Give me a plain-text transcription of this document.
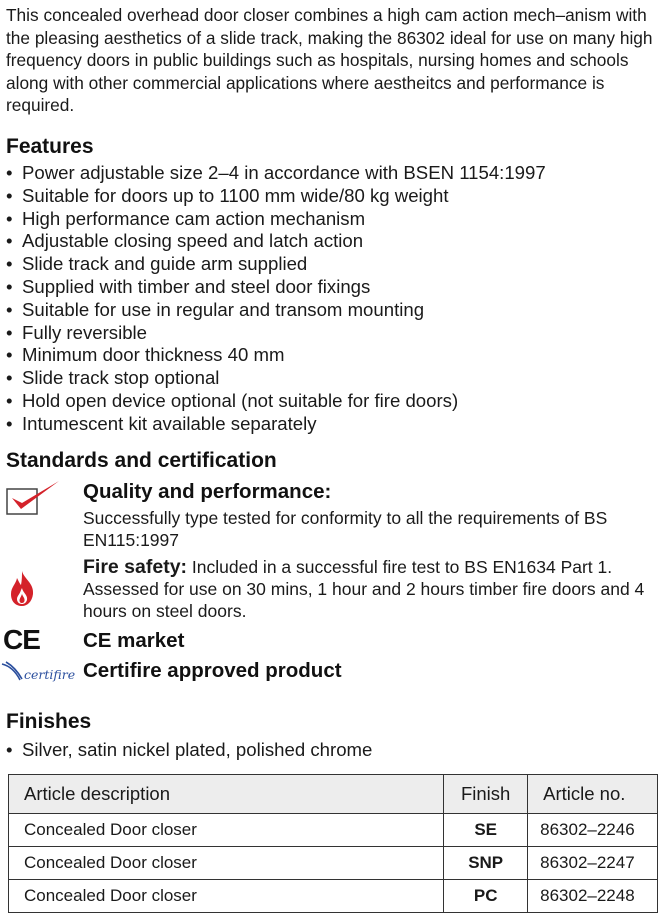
This concealed overhead door closer combines a high cam action mech–anism with the pleasing aesthetics of a slide track, making the 86302 ideal for use on many high frequency doors in public buildings such as hospitals, nursing homes and schools along with other commercial applications where aestheitcs and performance is required.
Features
• Power adjustable size 2–4 in accordance with BSEN 1154:1997
• Suitable for doors up to 1100 mm wide/80 kg weight
• High performance cam action mechanism
• Adjustable closing speed and latch action
• Slide track and guide arm supplied
• Supplied with timber and steel door fixings
• Suitable for use in regular and transom mounting
• Fully reversible
• Minimum door thickness 40 mm
• Slide track stop optional
• Hold open device optional (not suitable for fire doors)
• Intumescent kit available separately
Standards and certification
Quality and performance:
Successfully type tested for conformity to all the requirements of BS EN115:1997
Fire safety: Included in a successful fire test to BS EN1634 Part 1. Assessed for use on 30 mins, 1 hour and 2 hours timber fire doors and 4 hours on steel doors.
CE CE market
certifire Certifire approved product
Finishes
• Silver, satin nickel plated, polished chrome
Article description	Finish	Article no.
Concealed Door closer	SE	86302–2246
Concealed Door closer	SNP	86302–2247
Concealed Door closer	PC	86302–2248
